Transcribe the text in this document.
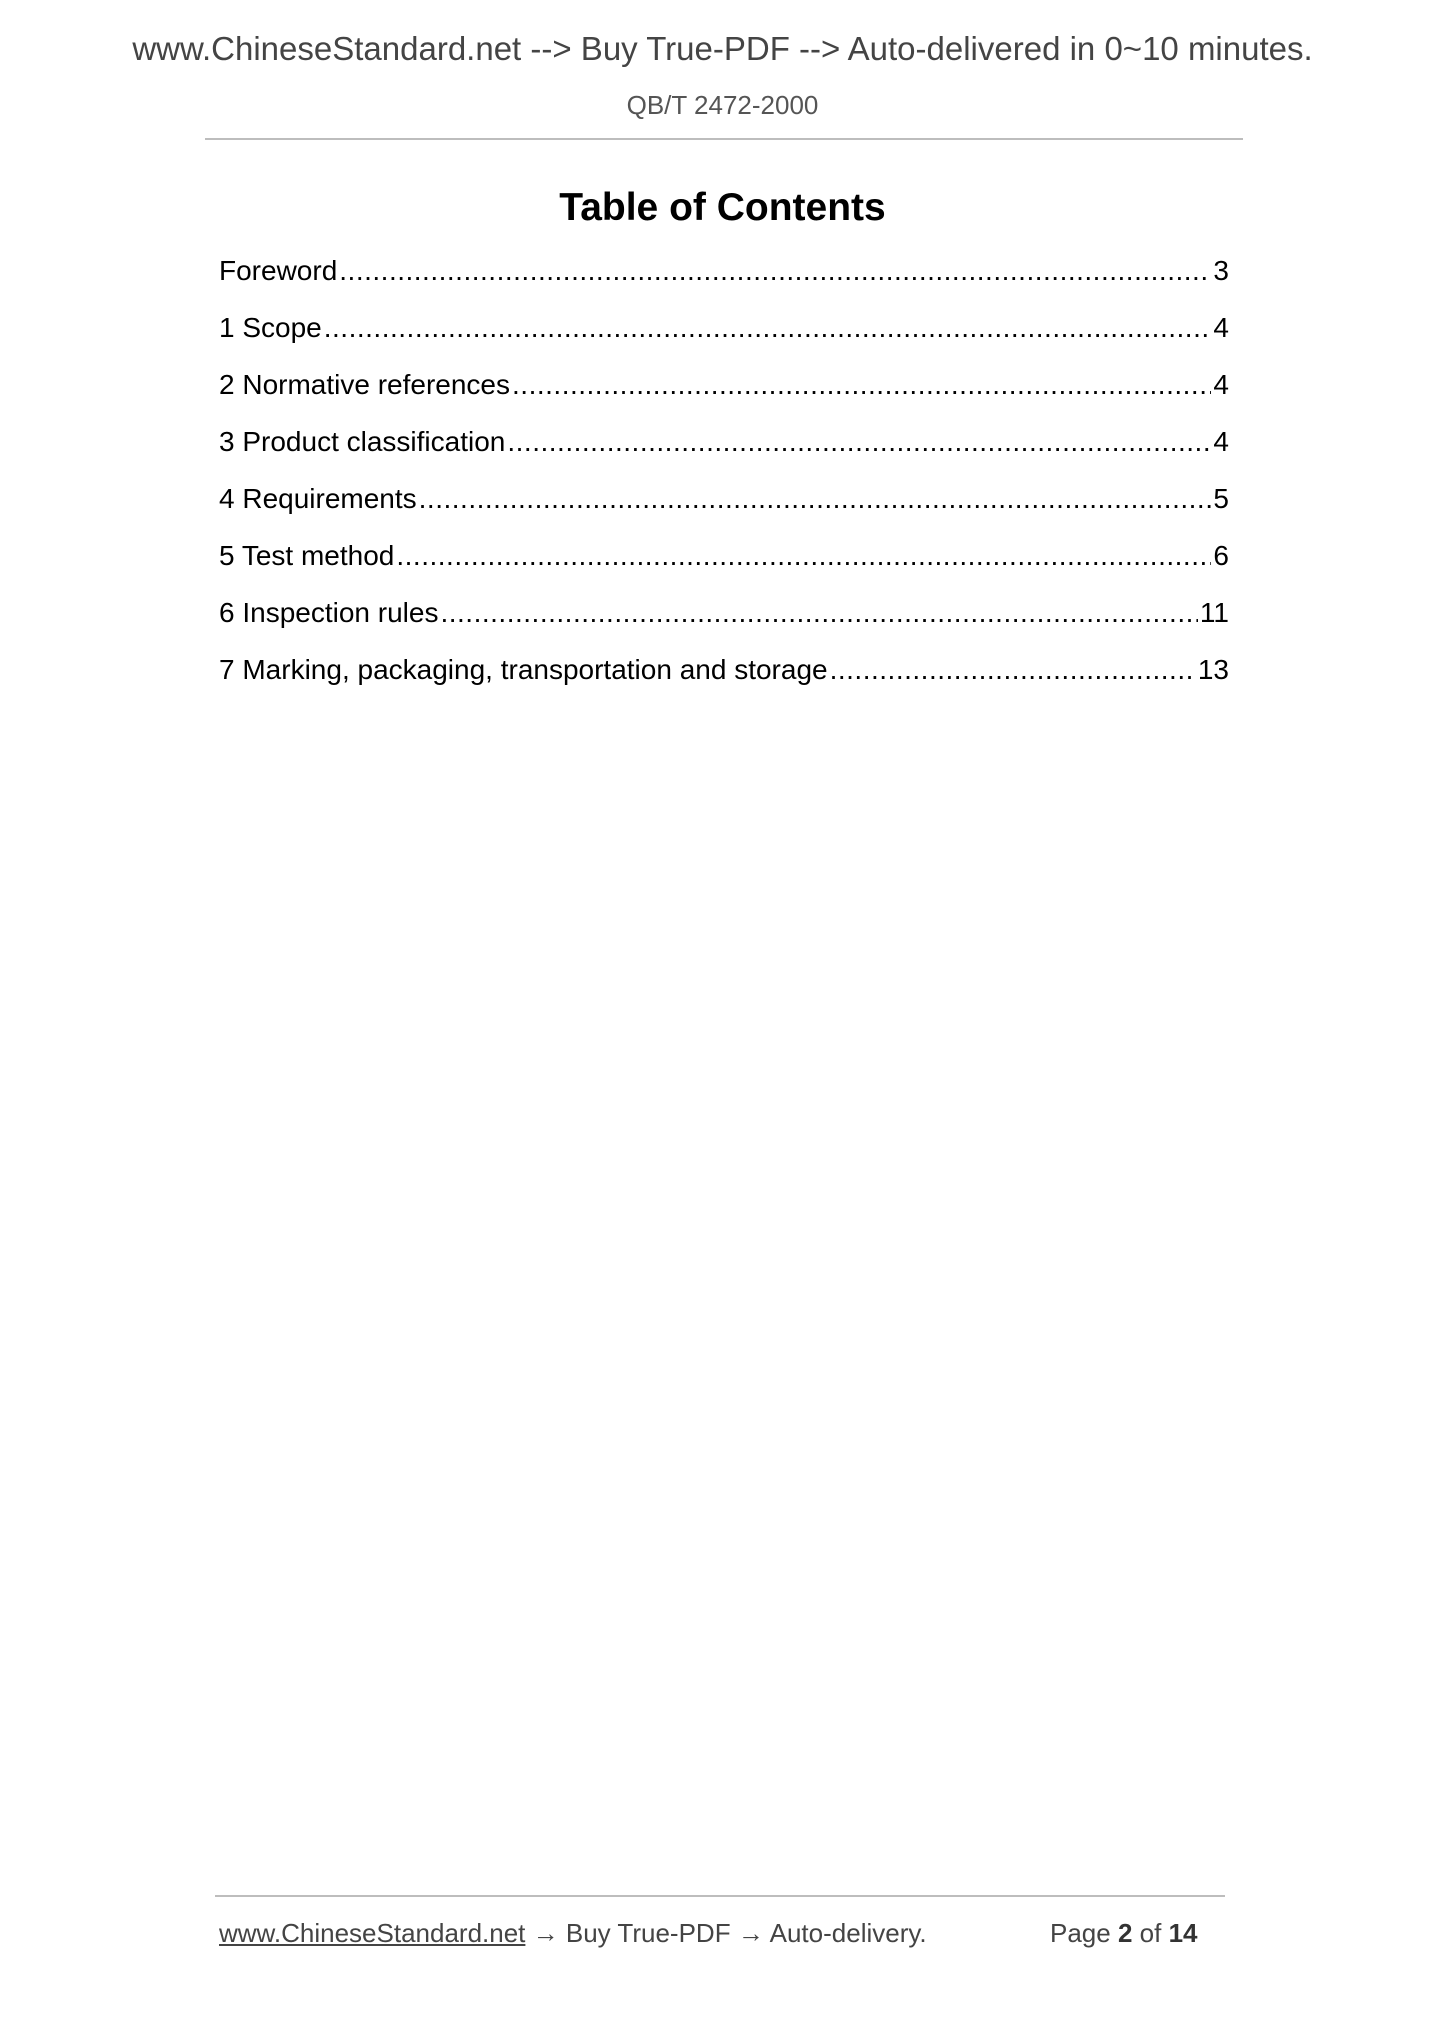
www.ChineseStandard.net --> Buy True-PDF --> Auto-delivered in 0~10 minutes.
QB/T 2472-2000
Table of Contents
Foreword .....	3
1 Scope .....	4
2 Normative references .....	4
3 Product classification .....	4
4 Requirements .....	5
5 Test method .....	6
6 Inspection rules .....	11
7 Marking, packaging, transportation and storage .....	13
www.ChineseStandard.net → Buy True-PDF → Auto-delivery.	Page 2 of 14
